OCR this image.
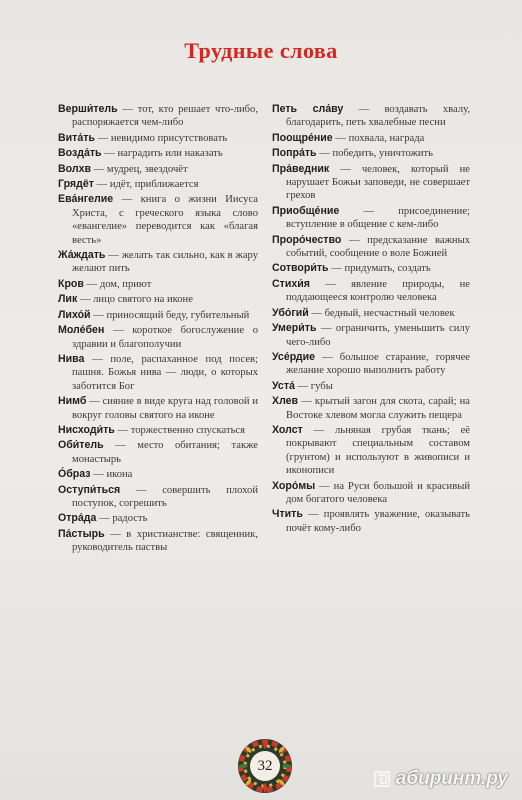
Трудные слова

Верши́тель — тот, кто решает что-либо, распоряжается чем-либо

Вита́ть — невидимо присутствовать

Возда́ть — наградить или наказать

Волхв — мудрец, звездочёт

Грядёт — идёт, приближается

Ева́нгелие — книга о жизни Иисуса Христа, с греческого языка слово «евангелие» переводится как «благая весть»

Жа́ждать — желать так сильно, как в жару желают пить

Кров — дом, приют

Лик — лицо святого на иконе

Лихо́й — приносящий беду, губительный

Моле́бен — короткое богослужение о здравии и благополучии

Нива — поле, распаханное под посев; пашня. Божья нива — люди, о которых заботится Бог

Нимб — сияние в виде круга над головой и вокруг головы святого на иконе

Нисходи́ть — торжественно спускаться

Оби́тель — место обитания; также монастырь

О́браз — икона

Оступи́ться — совершить плохой поступок, согрешить

Отра́да — радость

Па́стырь — в христианстве: священник, руководитель паствы

Петь сла́ву — воздавать хвалу, благодарить, петь хвалебные песни

Поощре́ние — похвала, награда

Попра́ть — победить, уничтожить

Пра́ведник — человек, который не нарушает Божьи заповеди, не совершает грехов

Приобще́ние — присоединение; вступление в общение с кем-либо

Проро́чество — предсказание важных событий, сообщение о воле Божией

Сотвори́ть — придумать, создать

Стихи́я — явление природы, не поддающееся контролю человека

Убо́гий — бедный, несчастный человек

Умери́ть — ограничить, уменьшить силу чего-либо

Усе́рдие — большое старание, горячее желание хорошо выполнить работу

Уста́ — губы

Хлев — крытый загон для скота, сарай; на Востоке хлевом могла служить пещера

Холст — льняная грубая ткань; её покрывают специальным составом (грунтом) и используют в живописи и иконописи

Хоро́мы — на Руси большой и красивый дом богатого человека

Чтить — проявлять уважение, оказывать почёт кому-либо

32
абиринт.ру
